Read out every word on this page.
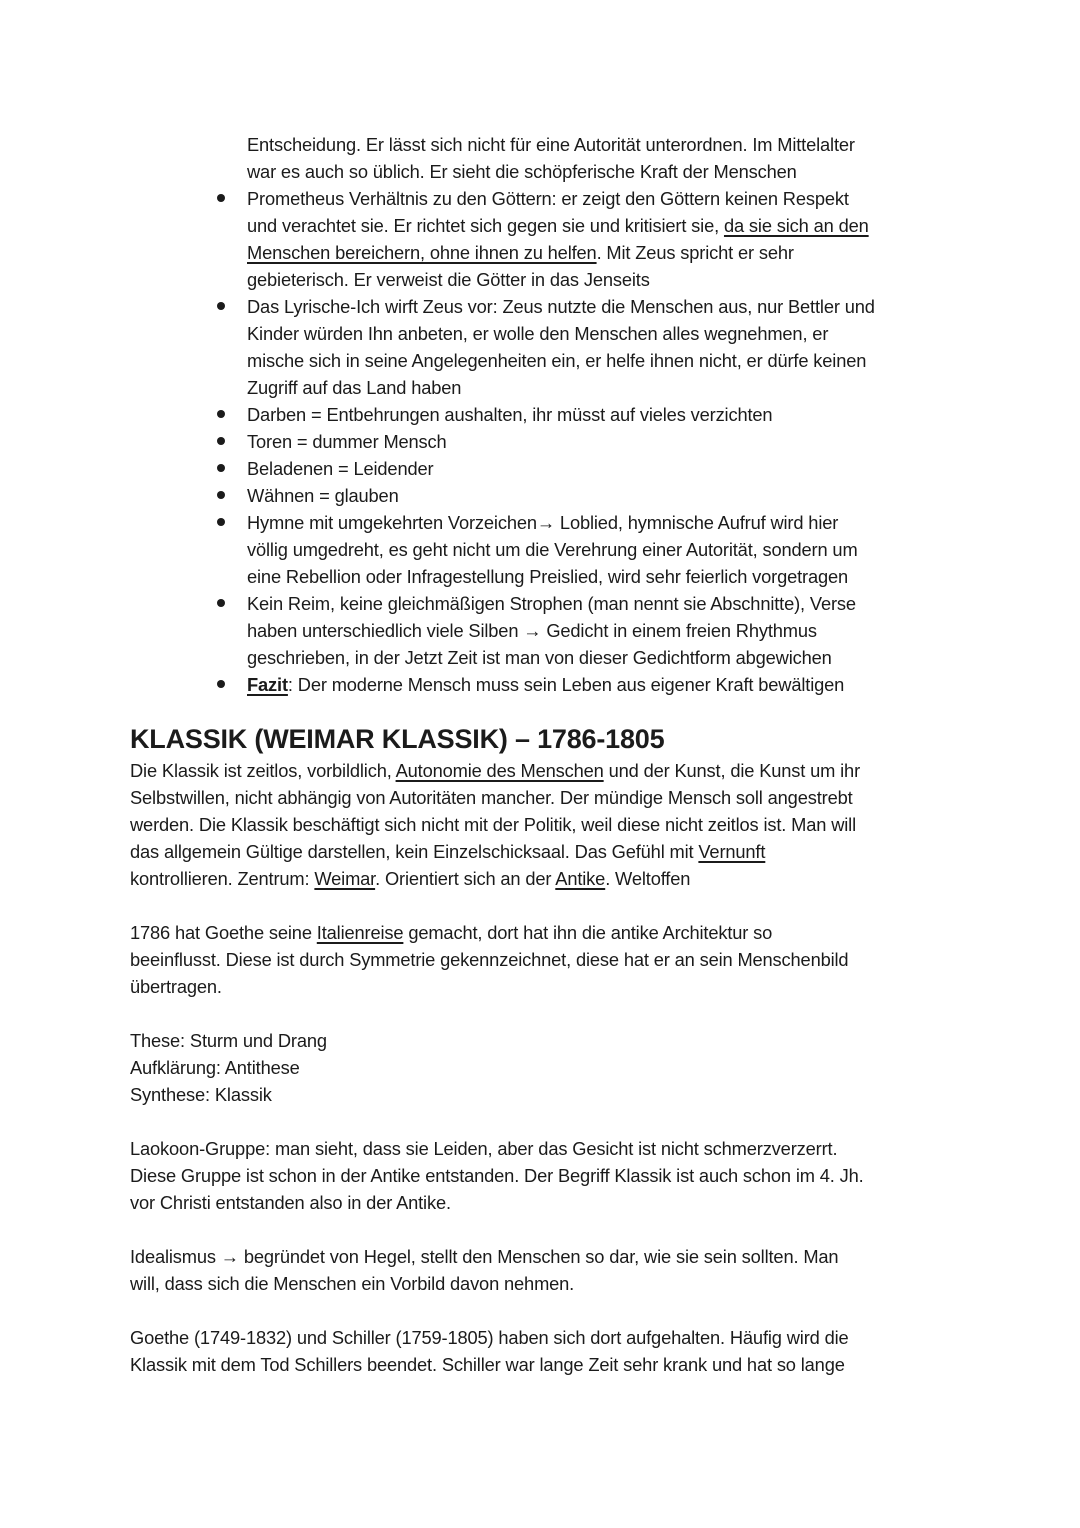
Entscheidung. Er lässt sich nicht für eine Autorität unterordnen. Im Mittelalter
war es auch so üblich. Er sieht die schöpferische Kraft der Menschen
Prometheus Verhältnis zu den Göttern: er zeigt den Göttern keinen Respekt
und verachtet sie. Er richtet sich gegen sie und kritisiert sie, da sie sich an den
Menschen bereichern, ohne ihnen zu helfen. Mit Zeus spricht er sehr
gebieterisch. Er verweist die Götter in das Jenseits
Das Lyrische-Ich wirft Zeus vor: Zeus nutzte die Menschen aus, nur Bettler und
Kinder würden Ihn anbeten, er wolle den Menschen alles wegnehmen, er
mische sich in seine Angelegenheiten ein, er helfe ihnen nicht, er dürfe keinen
Zugriff auf das Land haben
Darben = Entbehrungen aushalten, ihr müsst auf vieles verzichten
Toren = dummer Mensch
Beladenen = Leidender
Wähnen = glauben
Hymne mit umgekehrten Vorzeichen→ Loblied, hymnische Aufruf wird hier
völlig umgedreht, es geht nicht um die Verehrung einer Autorität, sondern um
eine Rebellion oder Infragestellung Preislied, wird sehr feierlich vorgetragen
Kein Reim, keine gleichmäßigen Strophen (man nennt sie Abschnitte), Verse
haben unterschiedlich viele Silben → Gedicht in einem freien Rhythmus
geschrieben, in der Jetzt Zeit ist man von dieser Gedichtform abgewichen
Fazit: Der moderne Mensch muss sein Leben aus eigener Kraft bewältigen
KLASSIK (WEIMAR KLASSIK) – 1786-1805
Die Klassik ist zeitlos, vorbildlich, Autonomie des Menschen und der Kunst, die Kunst um ihr
Selbstwillen, nicht abhängig von Autoritäten mancher. Der mündige Mensch soll angestrebt
werden. Die Klassik beschäftigt sich nicht mit der Politik, weil diese nicht zeitlos ist. Man will
das allgemein Gültige darstellen, kein Einzelschicksaal. Das Gefühl mit Vernunft
kontrollieren. Zentrum: Weimar. Orientiert sich an der Antike. Weltoffen
1786 hat Goethe seine Italienreise gemacht, dort hat ihn die antike Architektur so
beeinflusst. Diese ist durch Symmetrie gekennzeichnet, diese hat er an sein Menschenbild
übertragen.
These: Sturm und Drang
Aufklärung: Antithese
Synthese: Klassik
Laokoon-Gruppe: man sieht, dass sie Leiden, aber das Gesicht ist nicht schmerzverzerrt.
Diese Gruppe ist schon in der Antike entstanden. Der Begriff Klassik ist auch schon im 4. Jh.
vor Christi entstanden also in der Antike.
Idealismus → begründet von Hegel, stellt den Menschen so dar, wie sie sein sollten. Man
will, dass sich die Menschen ein Vorbild davon nehmen.
Goethe (1749-1832) und Schiller (1759-1805) haben sich dort aufgehalten. Häufig wird die
Klassik mit dem Tod Schillers beendet. Schiller war lange Zeit sehr krank und hat so lange
